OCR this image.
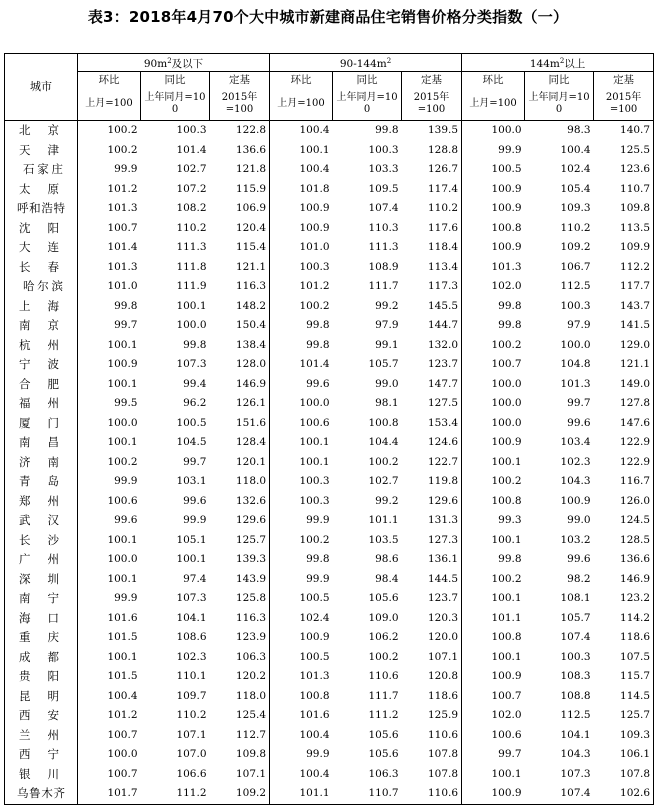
表3：2018年4月70个大中城市新建商品住宅销售价格分类指数（一）
城市	$90m^2$及以下			$90-144m^2$			$144m^2$以上		
	环比	同比	定基	环比	同比	定基	环比	同比	定基
	上月=100	上年同月=100	2015年=100	上月=100	上年同月=100	2015年=100	上月=100	上年同月=100	2015年=100
北京	100.2	100.3	122.8	100.4	99.8	139.5	100.0	98.3	140.7
天津	100.2	101.4	136.6	100.1	100.3	128.8	99.9	100.4	125.5
石家庄	99.9	102.7	121.8	100.4	103.3	126.7	100.5	102.4	123.6
太原	101.2	107.2	115.9	101.8	109.5	117.4	100.9	105.4	110.7
呼和浩特	101.3	108.2	106.9	100.9	107.4	110.2	100.9	109.3	109.8
沈阳	100.7	110.2	120.4	100.9	110.3	117.6	100.8	110.2	113.5
大连	101.4	111.3	115.4	101.0	111.3	118.4	100.9	109.2	109.9
长春	101.3	111.8	121.1	100.3	108.9	113.4	101.3	106.7	112.2
哈尔滨	101.0	111.9	116.3	101.2	111.7	117.3	102.0	112.5	117.7
上海	99.8	100.1	148.2	100.2	99.2	145.5	99.8	100.3	143.7
南京	99.7	100.0	150.4	99.8	97.9	144.7	99.8	97.9	141.5
杭州	100.1	99.8	138.4	99.8	99.1	132.0	100.2	100.0	129.0
宁波	100.9	107.3	128.0	101.4	105.7	123.7	100.7	104.8	121.1
合肥	100.1	99.4	146.9	99.6	99.0	147.7	100.0	101.3	149.0
福州	99.5	96.2	126.1	100.0	98.1	127.5	100.0	99.7	127.8
厦门	100.0	100.5	151.6	100.6	100.8	153.4	100.0	99.6	147.6
南昌	100.1	104.5	128.4	100.1	104.4	124.6	100.9	103.4	122.9
济南	100.2	99.7	120.1	100.1	100.2	122.7	100.1	102.3	122.9
青岛	99.9	103.1	118.0	100.3	102.7	119.8	100.2	104.3	116.7
郑州	100.6	99.6	132.6	100.3	99.2	129.6	100.8	100.9	126.0
武汉	99.6	99.9	129.6	99.9	101.1	131.3	99.3	99.0	124.5
长沙	100.1	105.1	125.7	100.2	103.5	127.3	100.1	103.2	128.5
广州	100.0	100.1	139.3	99.8	98.6	136.1	99.8	99.6	136.6
深圳	100.1	97.4	143.9	99.9	98.4	144.5	100.2	98.2	146.9
南宁	99.9	107.3	125.8	100.5	105.6	123.7	100.1	108.1	123.2
海口	101.6	104.1	116.3	102.4	109.0	120.3	101.1	105.7	114.2
重庆	101.5	108.6	123.9	100.9	106.2	120.0	100.8	107.4	118.6
成都	100.1	102.3	106.3	100.5	100.2	107.1	100.1	100.3	107.5
贵阳	101.5	110.1	120.2	101.3	110.6	120.8	100.9	108.3	115.7
昆明	100.4	109.7	118.0	100.8	111.7	118.6	100.7	108.8	114.5
西安	101.2	110.2	125.4	101.6	111.2	125.9	102.0	112.5	125.7
兰州	100.7	107.1	112.7	100.4	105.6	110.6	100.6	104.1	109.3
西宁	100.0	107.0	109.8	99.9	105.6	107.8	99.7	104.3	106.1
银川	100.7	106.6	107.1	100.4	106.3	107.8	100.1	107.3	107.8
乌鲁木齐	101.7	111.2	109.2	101.1	110.7	110.6	100.9	107.4	102.6
